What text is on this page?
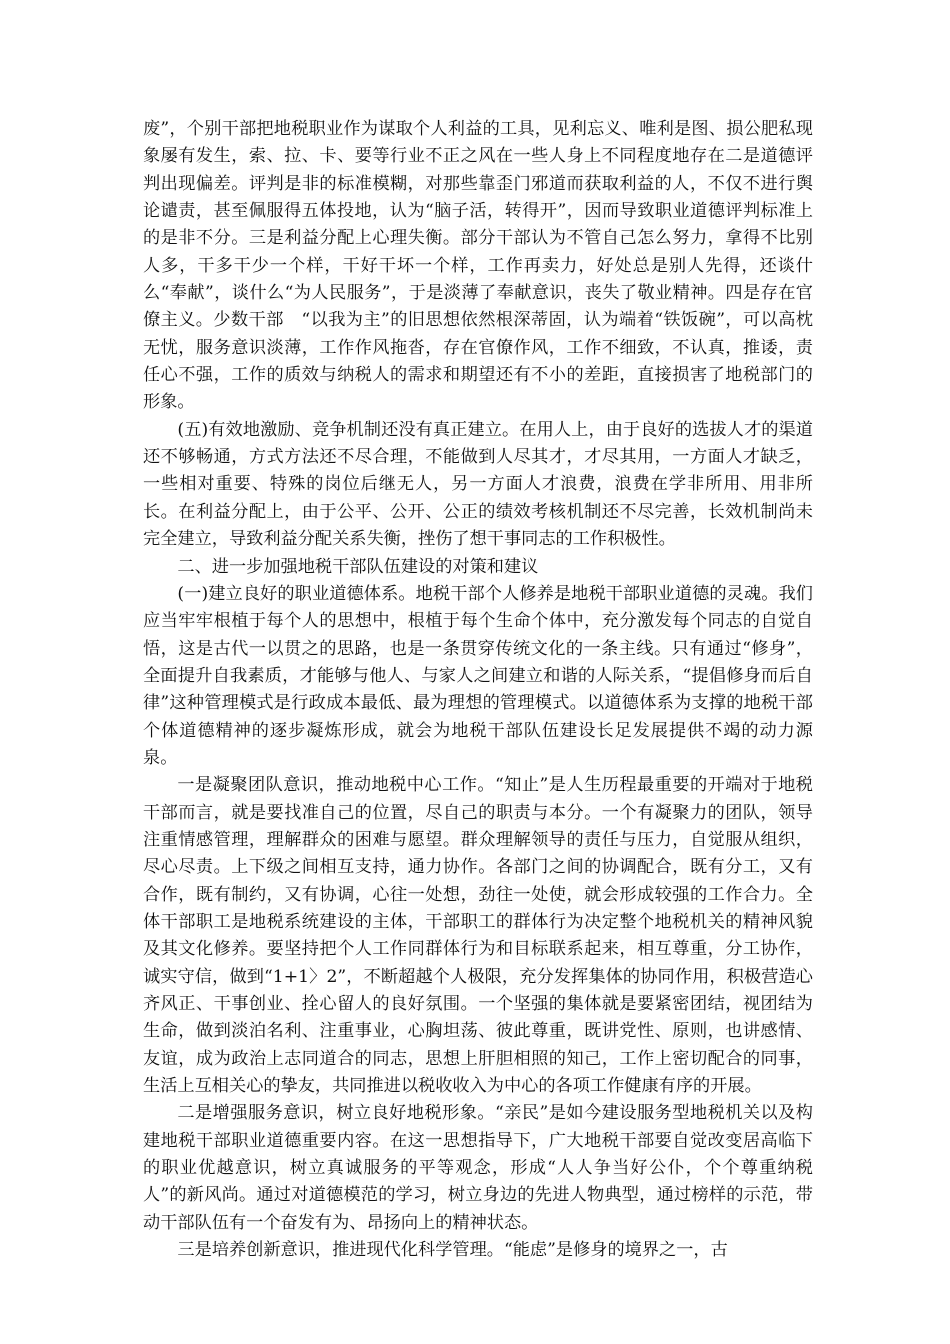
废”，个别干部把地税职业作为谋取个人利益的工具，见利忘义、唯利是图、损公肥私现象屡有发生，索、拉、卡、要等行业不正之风在一些人身上不同程度地存在二是道德评判出现偏差。评判是非的标准模糊，对那些靠歪门邪道而获取利益的人，不仅不进行舆论谴责，甚至佩服得五体投地，认为“脑子活，转得开”，因而导致职业道德评判标准上的是非不分。三是利益分配上心理失衡。部分干部认为不管自己怎么努力，拿得不比别人多，干多干少一个样，干好干坏一个样，工作再卖力，好处总是别人先得，还谈什么“奉献”，谈什么“为人民服务”，于是淡薄了奉献意识，丧失了敬业精神。四是存在官僚主义。少数干部　“以我为主”的旧思想依然根深蒂固，认为端着“铁饭碗”，可以高枕无忧，服务意识淡薄，工作作风拖沓，存在官僚作风，工作不细致，不认真，推诿，责任心不强，工作的质效与纳税人的需求和期望还有不小的差距，直接损害了地税部门的形象。

(五)有效地激励、竞争机制还没有真正建立。在用人上，由于良好的选拔人才的渠道还不够畅通，方式方法还不尽合理，不能做到人尽其才，才尽其用，一方面人才缺乏，一些相对重要、特殊的岗位后继无人，另一方面人才浪费，浪费在学非所用、用非所长。在利益分配上，由于公平、公开、公正的绩效考核机制还不尽完善，长效机制尚未完全建立，导致利益分配关系失衡，挫伤了想干事同志的工作积极性。

二、进一步加强地税干部队伍建设的对策和建议

(一)建立良好的职业道德体系。地税干部个人修养是地税干部职业道德的灵魂。我们应当牢牢根植于每个人的思想中，根植于每个生命个体中，充分激发每个同志的自觉自悟，这是古代一以贯之的思路，也是一条贯穿传统文化的一条主线。只有通过“修身”，全面提升自我素质，才能够与他人、与家人之间建立和谐的人际关系，“提倡修身而后自律”这种管理模式是行政成本最低、最为理想的管理模式。以道德体系为支撑的地税干部个体道德精神的逐步凝炼形成，就会为地税干部队伍建设长足发展提供不竭的动力源泉。

一是凝聚团队意识，推动地税中心工作。“知止”是人生历程最重要的开端对于地税干部而言，就是要找准自己的位置，尽自己的职责与本分。一个有凝聚力的团队，领导注重情感管理，理解群众的困难与愿望。群众理解领导的责任与压力，自觉服从组织，尽心尽责。上下级之间相互支持，通力协作。各部门之间的协调配合，既有分工，又有合作，既有制约，又有协调，心往一处想，劲往一处使，就会形成较强的工作合力。全体干部职工是地税系统建设的主体，干部职工的群体行为决定整个地税机关的精神风貌及其文化修养。要坚持把个人工作同群体行为和目标联系起来，相互尊重，分工协作，诚实守信，做到“1+1〉2”，不断超越个人极限，充分发挥集体的协同作用，积极营造心齐风正、干事创业、拴心留人的良好氛围。一个坚强的集体就是要紧密团结，视团结为生命，做到淡泊名利、注重事业，心胸坦荡、彼此尊重，既讲党性、原则，也讲感情、友谊，成为政治上志同道合的同志，思想上肝胆相照的知己，工作上密切配合的同事，生活上互相关心的挚友，共同推进以税收收入为中心的各项工作健康有序的开展。

二是增强服务意识，树立良好地税形象。“亲民”是如今建设服务型地税机关以及构建地税干部职业道德重要内容。在这一思想指导下，广大地税干部要自觉改变居高临下的职业优越意识，树立真诚服务的平等观念，形成“人人争当好公仆，个个尊重纳税人”的新风尚。通过对道德模范的学习，树立身边的先进人物典型，通过榜样的示范，带动干部队伍有一个奋发有为、昂扬向上的精神状态。

三是培养创新意识，推进现代化科学管理。“能虑”是修身的境界之一，古
